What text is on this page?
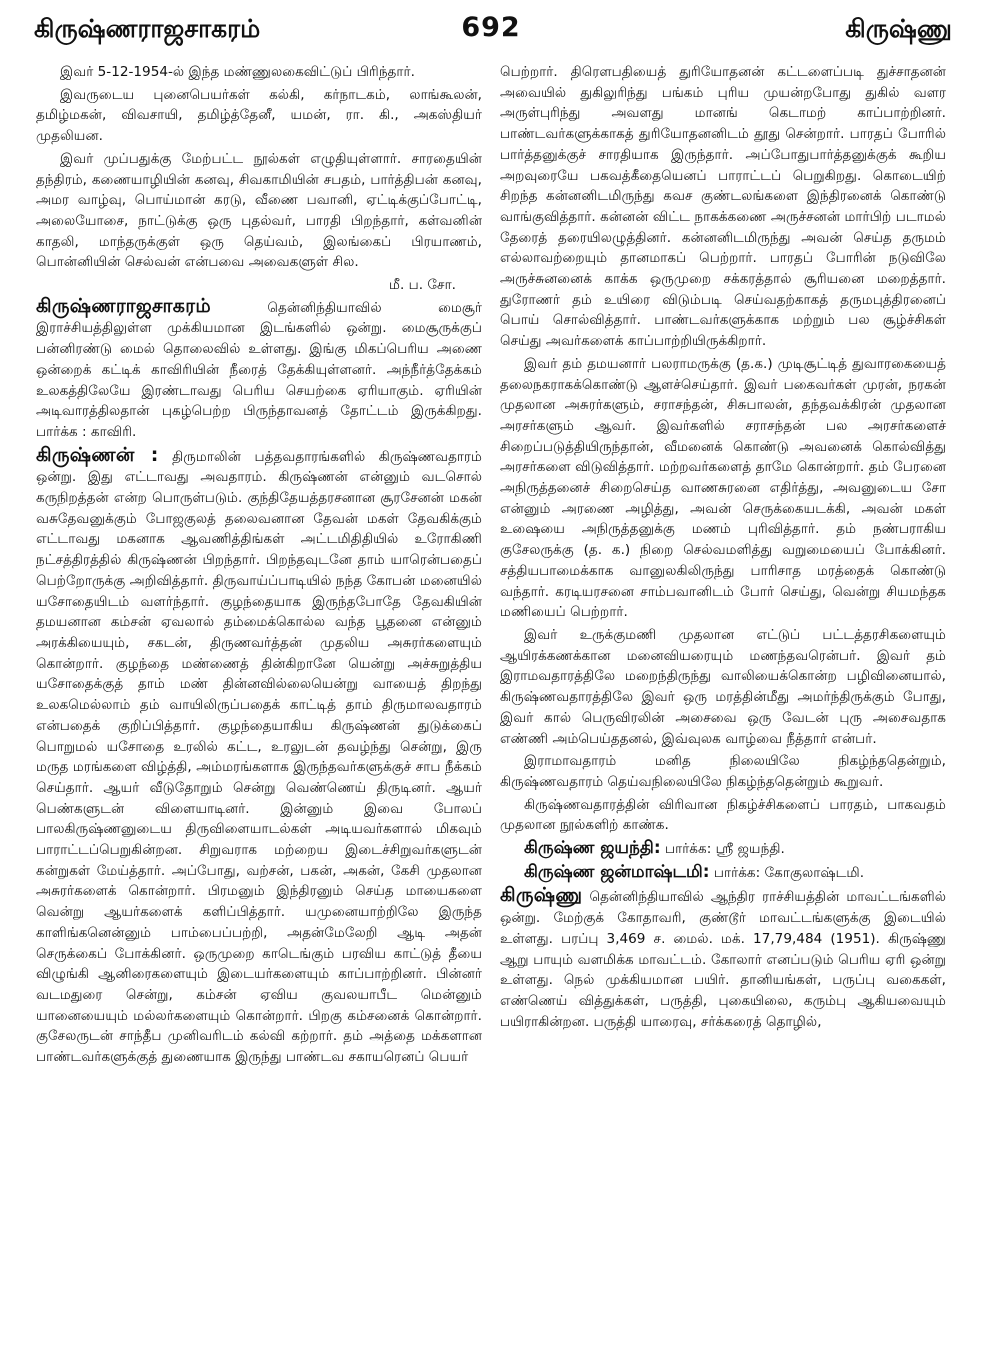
கிருஷ்ணராஜசாகரம்	692	கிருஷ்ணு

இவர் 5-12-1954-ல் இந்த மண்ணுலகைவிட்டுப் பிரிந்தார்.

இவருடைய புனைபெயர்கள் கல்கி, கர்நாடகம், லாங்கூலன், தமிழ்மகன், விவசாயி, தமிழ்த்தேனீ, யமன், ரா. கி., அகஸ்தியர் முதலியன.

இவர் முப்பதுக்கு மேற்பட்ட நூல்கள் எழுதியுள்ளார். சாரதையின் தந்திரம், கணையாழியின் கனவு, சிவகாமியின் சபதம், பார்த்திபன் கனவு, அமர வாழ்வு, பொய்மான் கரடு, வீணை பவானி, ஏட்டிக்குப்போட்டி, அலையோசை, நாட்டுக்கு ஒரு புதல்வர், பாரதி பிறந்தார், கள்வனின் காதலி, மாந்தருக்குள் ஒரு தெய்வம், இலங்கைப் பிரயாணம், பொன்னியின் செல்வன் என்பவை அவைகளுள் சில.

மீ. ப. சோ.

கிருஷ்ணராஜசாகரம்	தென்னிந்தியாவில் மைசூர் இராச்சியத்திலுள்ள முக்கியமான இடங்களில் ஒன்று. மைசூருக்குப் பன்னிரண்டு மைல் தொலைவில் உள்ளது. இங்கு மிகப்பெரிய அணை ஒன்றைக் கட்டிக் காவிரியின் நீரைத் தேக்கியுள்ளனர். அந்நீர்த்தேக்கம் உலகத்திலேயே இரண்டாவது பெரிய செயற்கை ஏரியாகும். ஏரியின் அடிவாரத்திலதான் புகழ்பெற்ற பிருந்தாவனத் தோட்டம் இருக்கிறது. பார்க்க : காவிரி.

கிருஷ்ணன் : திருமாலின் பத்தவதாரங்களில் கிருஷ்ணவதாரம் ஒன்று. இது எட்டாவது அவதாரம். கிருஷ்ணன் என்னும் வடசொல் கருநிறத்தன் என்ற பொருள்படும். குந்திதேயத்தரசனான சூரசேனன் மகன் வசுதேவனுக்கும் போஜகுலத் தலைவனான தேவன் மகள் தேவகிக்கும் எட்டாவது மகனாக ஆவணித்திங்கள் அட்டமிதிதியில் உரோகிணி நட்சத்திரத்தில் கிருஷ்ணன் பிறந்தார். பிறந்தவுடனே தாம் யாரென்பதைப் பெற்றோருக்கு அறிவித்தார். திருவாய்ப்பாடியில் நந்த கோபன் மனையில் யசோதையிடம் வளர்ந்தார். குழந்தையாக இருந்தபோதே தேவகியின் தமயனான கம்சன் ஏவலால் தம்மைக்கொல்ல வந்த பூதனை என்னும் அரக்கியையும், சகடன், திருணவர்த்தன் முதலிய அசுரர்களையும் கொன்றார். குழந்தை மண்ணைத் தின்கிறானே யென்று அச்சுறுத்திய யசோதைக்குத் தாம் மண் தின்னவில்லையென்று வாயைத் திறந்து உலகமெல்லாம் தம் வாயிலிருப்பதைக் காட்டித் தாம் திருமாலவதாரம் என்பதைக் குறிப்பித்தார். குழந்தையாகிய கிருஷ்ணன் துடுக்கைப் பொறுமல் யசோதை உரலில் கட்ட, உரலுடன் தவழ்ந்து சென்று, இரு மருத மரங்களை விழ்த்தி, அம்மரங்களாக இருந்தவர்களுக்குச் சாப நீக்கம் செய்தார். ஆயர் வீடுதோறும் சென்று வெண்ணெய் திருடினர். ஆயர் பெண்களுடன் விளையாடினர். இன்னும் இவை போலப் பாலகிருஷ்ணனுடைய திருவிளையாடல்கள் அடியவர்களால் மிகவும் பாராட்டப்பெறுகின்றன. சிறுவராக மற்றைய இடைச்சிறுவர்களுடன் கன்றுகள் மேய்த்தார். அப்போது, வற்சன், பகன், அகன், கேசி முதலான அசுரர்களைக் கொன்றார். பிரமனும் இந்திரனும் செய்த மாயைகளை வென்று ஆயர்களைக் களிப்பித்தார். யமுனையாற்றிலே இருந்த காளிங்கனென்னும் பாம்பைப்பற்றி, அதன்மேலேறி ஆடி அதன் செருக்கைப் போக்கினர். ஒருமுறை காடெங்கும் பரவிய காட்டுத் தீயை விழுங்கி ஆனிரைகளையும் இடையர்களையும் காப்பாற்றினர். பின்னர் வடமதுரை சென்று, கம்சன் ஏவிய குவலயாபீட மென்னும் யானையையும் மல்லர்களையும் கொன்றார். பிறகு கம்சனைக் கொன்றார். குசேலருடன் சாந்தீப முனிவரிடம் கல்வி கற்றார். தம் அத்தை மக்களான பாண்டவர்களுக்குத் துணையாக இருந்து பாண்டவ சகாயரெனப் பெயர்

பெற்றார். திரௌபதியைத் துரியோதனன் கட்டளைப்படி துச்சாதனன் அவையில் துகிலுரிந்து பங்கம் புரிய முயன்றபோது துகில் வளர அருள்புரிந்து அவளது மானங் கெடாமற் காப்பாற்றினர். பாண்டவர்களுக்காகத் துரியோதனனிடம் தூது சென்றார். பாரதப் போரில் பார்த்தனுக்குச் சாரதியாக இருந்தார். அப்போதுபார்த்தனுக்குக் கூறிய அறவுரையே பகவத்கீதையெனப் பாராட்டப் பெறுகிறது. கொடையிற் சிறந்த கன்னனிடமிருந்து கவச குண்டலங்களை இந்திரனைக் கொண்டு வாங்குவித்தார். கன்னன் விட்ட நாகக்கணை அருச்சனன் மார்பிற் படாமல் தேரைத் தரையிலழுத்தினர். கன்னனிடமிருந்து அவன் செய்த தருமம் எல்லாவற்றையும் தானமாகப் பெற்றார். பாரதப் போரின் நடுவிலே அருச்சுனனைக் காக்க ஒருமுறை சக்கரத்தால் சூரியனை மறைத்தார். துரோணர் தம் உயிரை விடும்படி செய்வதற்காகத் தருமபுத்திரனைப் பொய் சொல்வித்தார். பாண்டவர்களுக்காக மற்றும் பல சூழ்ச்சிகள் செய்து அவர்களைக் காப்பாற்றியிருக்கிறார்.

இவர் தம் தமயனார் பலராமருக்கு (த.க.) முடிசூட்டித் துவாரகையைத் தலைநகராகக்கொண்டு ஆளச்செய்தார். இவர் பகைவர்கள் முரன், நரகன் முதலான அசுரர்களும், சராசந்தன், சிசுபாலன், தந்தவக்கிரன் முதலான அரசர்களும் ஆவர். இவர்களில் சராசந்தன் பல அரசர்களைச் சிறைப்படுத்தியிருந்தான், வீமனைக் கொண்டு அவனைக் கொல்வித்து அரசர்களை விடுவித்தார். மற்றவர்களைத் தாமே கொன்றார். தம் பேரனை அநிருத்தனைச் சிறைசெய்த வாணசுரனை எதிர்த்து, அவனுடைய சோ என்னும் அரணை அழித்து, அவன் செருக்கையடக்கி, அவன் மகள் உஷையை அநிருத்தனுக்கு மணம் புரிவித்தார். தம் நண்பராகிய குசேலருக்கு (த. க.) நிறை செல்வமளித்து வறுமையைப் போக்கினர். சத்தியபாமைக்காக வானுலகிலிருந்து பாரிசாத மரத்தைக் கொண்டு வந்தார். கரடியரசனை சாம்பவானிடம் போர் செய்து, வென்று சியமந்தக மணியைப் பெற்றார்.

இவர் உருக்குமணி முதலான எட்டுப் பட்டத்தரசிகளையும் ஆயிரக்கணக்கான மனைவியரையும் மணந்தவரென்பர். இவர் தம் இராமவதாரத்திலே மறைந்திருந்து வாலியைக்கொன்ற பழிவினையால், கிருஷ்ணவதாரத்திலே இவர் ஒரு மரத்தின்மீது அமர்ந்திருக்கும் போது, இவர் கால் பெருவிரலின் அசைவை ஒரு வேடன் புரு அசைவதாக எண்ணி அம்பெய்ததனல், இவ்வுலக வாழ்வை நீத்தார் என்பர்.

இராமாவதாரம் மனித நிலையிலே நிகழ்ந்ததென்றும், கிருஷ்ணவதாரம் தெய்வநிலையிலே நிகழ்ந்ததென்றும் கூறுவர்.

கிருஷ்ணவதாரத்தின் விரிவான நிகழ்ச்சிகளைப் பாரதம், பாகவதம் முதலான நூல்களிற் காண்க.

கிருஷ்ண ஜயந்தி: பார்க்க: ஸ்ரீ ஜயந்தி.

கிருஷ்ண ஜன்மாஷ்டமி: பார்க்க: கோகுலாஷ்டமி.

கிருஷ்ணு தென்னிந்தியாவில் ஆந்திர ராச்சியத்தின் மாவட்டங்களில் ஒன்று. மேற்குக் கோதாவரி, குண்டூர் மாவட்டங்களுக்கு இடையில் உள்ளது. பரப்பு 3,469 ச. மைல். மக். 17,79,484 (1951). கிருஷ்ணு ஆறு பாயும் வளமிக்க மாவட்டம். கோலார் எனப்படும் பெரிய ஏரி ஒன்று உள்ளது. நெல் முக்கியமான பயிர். தானியங்கள், பருப்பு வகைகள், எண்ணெய் வித்துக்கள், பருத்தி, புகையிலை, கரும்பு ஆகியவையும் பயிராகின்றன. பருத்தி யாரைவு, சர்க்கரைத் தொழில்,
